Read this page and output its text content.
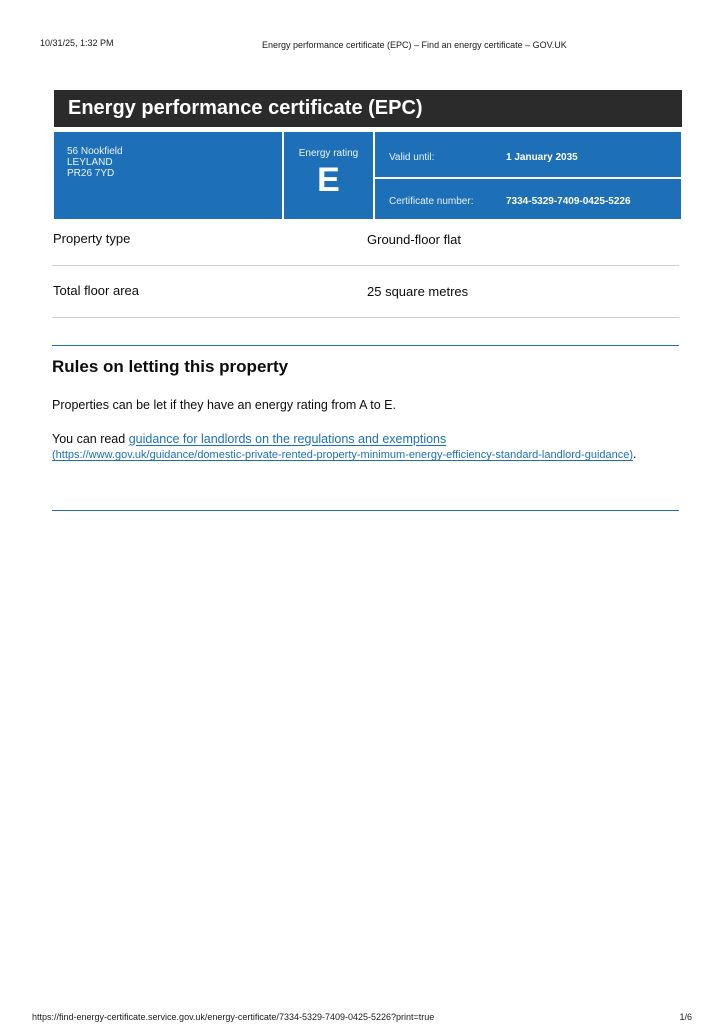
10/31/25, 1:32 PM	Energy performance certificate (EPC) – Find an energy certificate – GOV.UK
Energy performance certificate (EPC)
56 Nookfield
LEYLAND
PR26 7YD
Energy rating
E
Valid until:	1 January 2035
Certificate number:	7334-5329-7409-0425-5226
Property type	Ground-floor flat
Total floor area	25 square metres
Rules on letting this property
Properties can be let if they have an energy rating from A to E.
You can read guidance for landlords on the regulations and exemptions
(https://www.gov.uk/guidance/domestic-private-rented-property-minimum-energy-efficiency-standard-landlord-guidance).
https://find-energy-certificate.service.gov.uk/energy-certificate/7334-5329-7409-0425-5226?print=true	1/6
